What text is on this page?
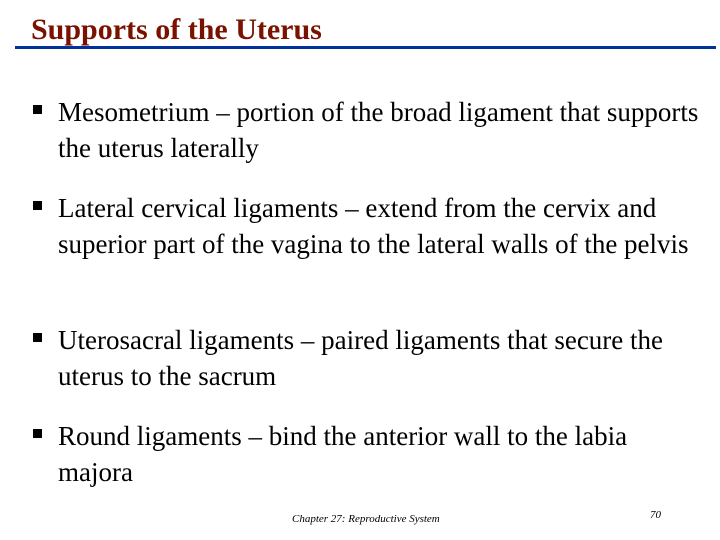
Supports of the Uterus
Mesometrium – portion of the broad ligament that supports the uterus laterally
Lateral cervical ligaments – extend from the cervix and superior part of the vagina to the lateral walls of the pelvis
Uterosacral ligaments – paired ligaments that secure the uterus to the sacrum
Round ligaments – bind the anterior wall to the labia majora
Chapter 27: Reproductive System	70
